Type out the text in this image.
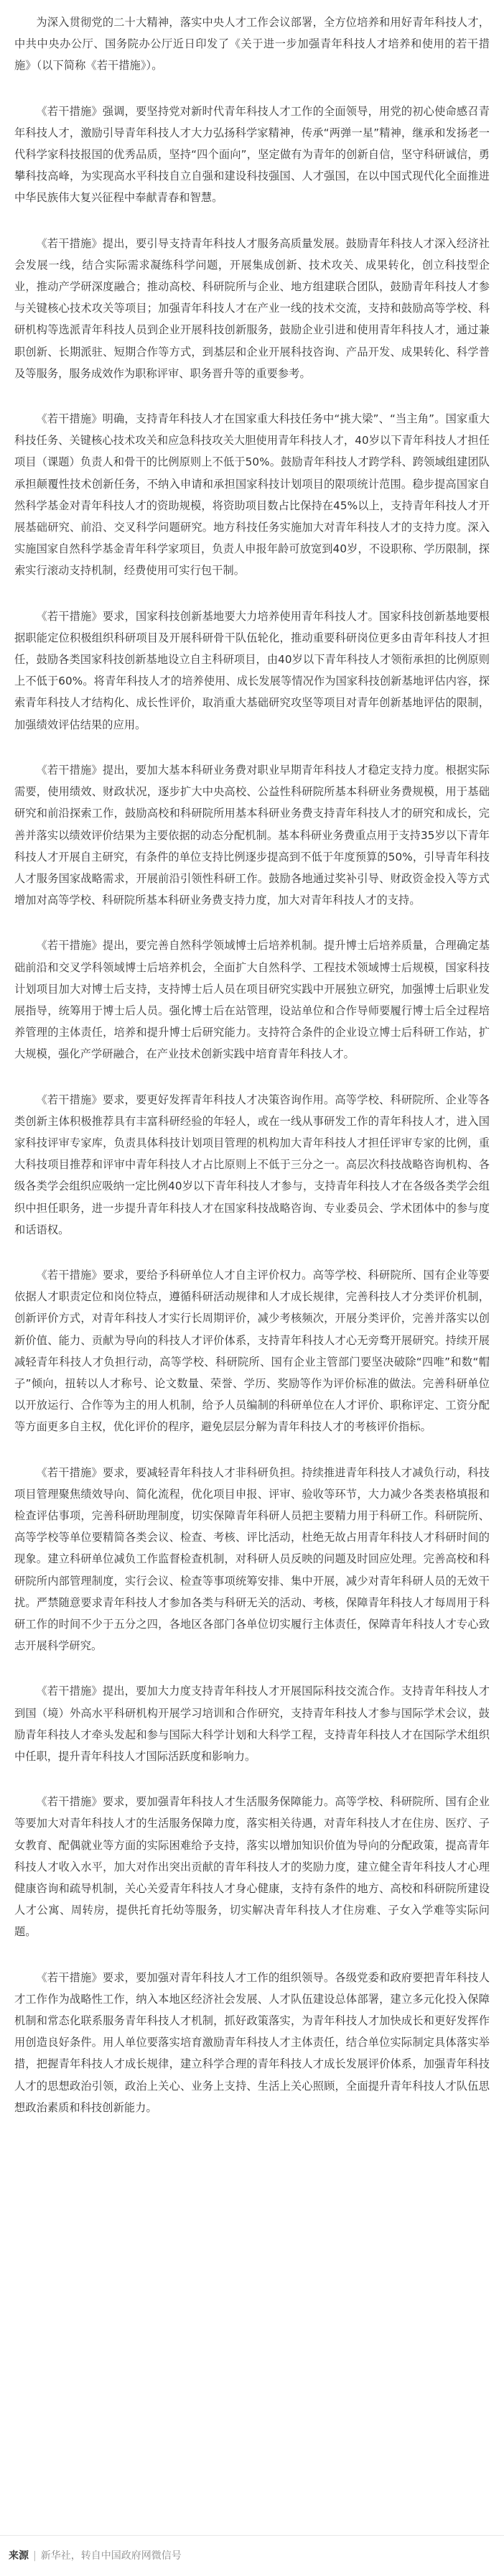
为深入贯彻党的二十大精神，落实中央人才工作会议部署，全方位培养和用好青年科技人才，中共中央办公厅、国务院办公厅近日印发了《关于进一步加强青年科技人才培养和使用的若干措施》（以下简称《若干措施》）。

《若干措施》强调，要坚持党对新时代青年科技人才工作的全面领导，用党的初心使命感召青年科技人才，激励引导青年科技人才大力弘扬科学家精神，传承“两弹一星”精神，继承和发扬老一代科学家科技报国的优秀品质，坚持“四个面向”，坚定做有为青年的创新自信，坚守科研诚信，勇攀科技高峰，为实现高水平科技自立自强和建设科技强国、人才强国，在以中国式现代化全面推进中华民族伟大复兴征程中奉献青春和智慧。

《若干措施》提出，要引导支持青年科技人才服务高质量发展。鼓励青年科技人才深入经济社会发展一线，结合实际需求凝练科学问题，开展集成创新、技术攻关、成果转化，创立科技型企业，推动产学研深度融合；推动高校、科研院所与企业、地方组建联合团队，鼓励青年科技人才参与关键核心技术攻关等项目；加强青年科技人才在产业一线的技术交流，支持和鼓励高等学校、科研机构等选派青年科技人员到企业开展科技创新服务，鼓励企业引进和使用青年科技人才，通过兼职创新、长期派驻、短期合作等方式，到基层和企业开展科技咨询、产品开发、成果转化、科学普及等服务，服务成效作为职称评审、职务晋升等的重要参考。

《若干措施》明确，支持青年科技人才在国家重大科技任务中“挑大梁”、“当主角”。国家重大科技任务、关键核心技术攻关和应急科技攻关大胆使用青年科技人才，40岁以下青年科技人才担任项目（课题）负责人和骨干的比例原则上不低于50%。鼓励青年科技人才跨学科、跨领域组建团队承担颠覆性技术创新任务，不纳入申请和承担国家科技计划项目的限项统计范围。稳步提高国家自然科学基金对青年科技人才的资助规模，将资助项目数占比保持在45%以上，支持青年科技人才开展基础研究、前沿、交叉科学问题研究。地方科技任务实施加大对青年科技人才的支持力度。深入实施国家自然科学基金青年科学家项目，负责人申报年龄可放宽到40岁，不设职称、学历限制，探索实行滚动支持机制，经费使用可实行包干制。

《若干措施》要求，国家科技创新基地要大力培养使用青年科技人才。国家科技创新基地要根据职能定位积极组织科研项目及开展科研骨干队伍轮化，推动重要科研岗位更多由青年科技人才担任，鼓励各类国家科技创新基地设立自主科研项目，由40岁以下青年科技人才领衔承担的比例原则上不低于60%。将青年科技人才的培养使用、成长发展等情况作为国家科技创新基地评估内容，探索青年科技人才结构化、成长性评价，取消重大基础研究攻坚等项目对青年创新基地评估的限制，加强绩效评估结果的应用。

《若干措施》提出，要加大基本科研业务费对职业早期青年科技人才稳定支持力度。根据实际需要，使用绩效、财政状况，逐步扩大中央高校、公益性科研院所基本科研业务费规模，用于基础研究和前沿探索工作，鼓励高校和科研院所用基本科研业务费支持青年科技人才的研究和成长，完善并落实以绩效评价结果为主要依据的动态分配机制。基本科研业务费重点用于支持35岁以下青年科技人才开展自主研究，有条件的单位支持比例逐步提高到不低于年度预算的50%，引导青年科技人才服务国家战略需求，开展前沿引领性科研工作。鼓励各地通过奖补引导、财政资金投入等方式增加对高等学校、科研院所基本科研业务费支持力度，加大对青年科技人才的支持。

《若干措施》提出，要完善自然科学领域博士后培养机制。提升博士后培养质量，合理确定基础前沿和交叉学科领域博士后培养机会，全面扩大自然科学、工程技术领域博士后规模，国家科技计划项目加大对博士后支持，支持博士后人员在项目研究实践中开展独立研究，加强博士后职业发展指导，统筹用于博士后人员。强化博士后在站管理，设站单位和合作导师要履行博士后全过程培养管理的主体责任，培养和提升博士后研究能力。支持符合条件的企业设立博士后科研工作站，扩大规模，强化产学研融合，在产业技术创新实践中培育青年科技人才。

《若干措施》要求，要更好发挥青年科技人才决策咨询作用。高等学校、科研院所、企业等各类创新主体积极推荐具有丰富科研经验的年轻人，或在一线从事研发工作的青年科技人才，进入国家科技评审专家库，负责具体科技计划项目管理的机构加大青年科技人才担任评审专家的比例，重大科技项目推荐和评审中青年科技人才占比原则上不低于三分之一。高层次科技战略咨询机构、各级各类学会组织应吸纳一定比例40岁以下青年科技人才参与，支持青年科技人才在各级各类学会组织中担任职务，进一步提升青年科技人才在国家科技战略咨询、专业委员会、学术团体中的参与度和话语权。

《若干措施》要求，要给予科研单位人才自主评价权力。高等学校、科研院所、国有企业等要依据人才职责定位和岗位特点，遵循科研活动规律和人才成长规律，完善科技人才分类评价机制，创新评价方式，对青年科技人才实行长周期评价，减少考核频次，开展分类评价，完善并落实以创新价值、能力、贡献为导向的科技人才评价体系，支持青年科技人才心无旁骛开展研究。持续开展减轻青年科技人才负担行动，高等学校、科研院所、国有企业主管部门要坚决破除“四唯”和数“帽子”倾向，扭转以人才称号、论文数量、荣誉、学历、奖励等作为评价标准的做法。完善科研单位以开放运行、合作等为主的用人机制，给予人员编制的科研单位在人才评价、职称评定、工资分配等方面更多自主权，优化评价的程序，避免层层分解为青年科技人才的考核评价指标。

《若干措施》要求，要减轻青年科技人才非科研负担。持续推进青年科技人才减负行动，科技项目管理聚焦绩效导向、简化流程，优化项目申报、评审、验收等环节，大力减少各类表格填报和检查评估事项，完善科研助理制度，切实保障青年科研人员把主要精力用于科研工作。科研院所、高等学校等单位要精简各类会议、检查、考核、评比活动，杜绝无故占用青年科技人才科研时间的现象。建立科研单位减负工作监督检查机制，对科研人员反映的问题及时回应处理。完善高校和科研院所内部管理制度，实行会议、检查等事项统筹安排、集中开展，减少对青年科研人员的无效干扰。严禁随意要求青年科技人才参加各类与科研无关的活动、考核，保障青年科技人才每周用于科研工作的时间不少于五分之四，各地区各部门各单位切实履行主体责任，保障青年科技人才专心致志开展科学研究。

《若干措施》提出，要加大力度支持青年科技人才开展国际科技交流合作。支持青年科技人才到国（境）外高水平科研机构开展学习培训和合作研究，支持青年科技人才参与国际学术会议，鼓励青年科技人才牵头发起和参与国际大科学计划和大科学工程，支持青年科技人才在国际学术组织中任职，提升青年科技人才国际活跃度和影响力。

《若干措施》要求，要加强青年科技人才生活服务保障能力。高等学校、科研院所、国有企业等要加大对青年科技人才的生活服务保障力度，落实相关待遇，对青年科技人才在住房、医疗、子女教育、配偶就业等方面的实际困难给予支持，落实以增加知识价值为导向的分配政策，提高青年科技人才收入水平，加大对作出突出贡献的青年科技人才的奖励力度，建立健全青年科技人才心理健康咨询和疏导机制，关心关爱青年科技人才身心健康，支持有条件的地方、高校和科研院所建设人才公寓、周转房，提供托育托幼等服务，切实解决青年科技人才住房难、子女入学难等实际问题。

《若干措施》要求，要加强对青年科技人才工作的组织领导。各级党委和政府要把青年科技人才工作作为战略性工作，纳入本地区经济社会发展、人才队伍建设总体部署，建立多元化投入保障机制和常态化联系服务青年科技人才机制，抓好政策落实，为青年科技人才加快成长和更好发挥作用创造良好条件。用人单位要落实培育激励青年科技人才主体责任，结合单位实际制定具体落实举措，把握青年科技人才成长规律，建立科学合理的青年科技人才成长发展评价体系，加强青年科技人才的思想政治引领，政治上关心、业务上支持、生活上关心照顾，全面提升青年科技人才队伍思想政治素质和科技创新能力。

来源 | 新华社，转自中国政府网微信号
